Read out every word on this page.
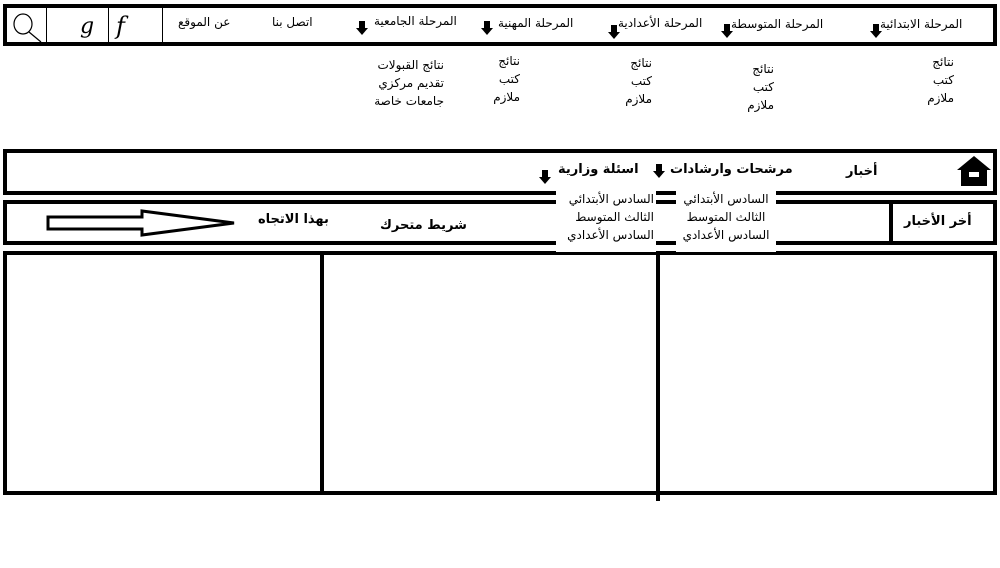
g f	عن الموقع	اتصل بنا	المرحلة الجامعية	المرحلة المهنية	المرحلة الأعدادية المرحلة المتوسطة	المرحلة الابتدائية
نتائج القبولات
تقديم مركزي
جامعات خاصة
نتائج
كتب
ملازم
نتائج
كتب
ملازم
نتائج
كتب
ملازم
نتائج
كتب
ملازم
أخبار
مرشحات وارشادات
اسئلة وزارية
أخر الأخبار
شريط متحرك
بهذا الاتجاه
السادس الأبتدائي
الثالث المتوسط
السادس الأعدادي
السادس الأبتدائي
الثالث المتوسط
السادس الأعدادي
